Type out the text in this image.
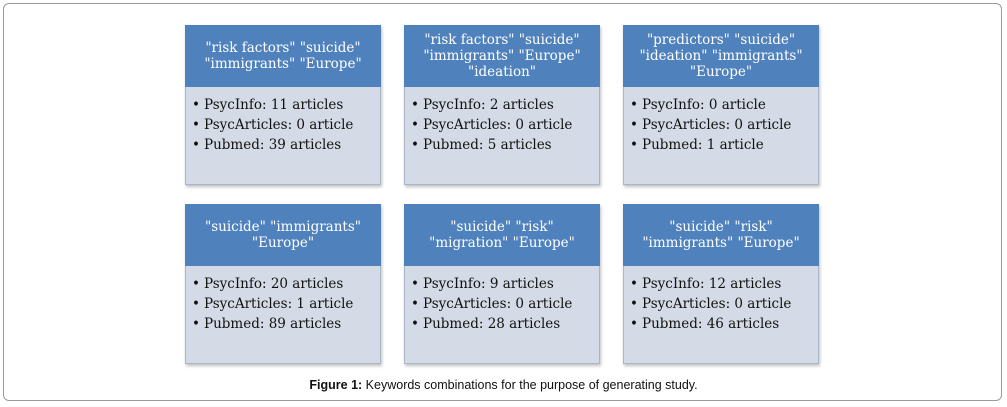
"risk factors" "suicide"
"immigrants" "Europe"
• PsycInfo: 11 articles
• PsycArticles: 0 article
• Pubmed: 39 articles
"risk factors" "suicide"
"immigrants" "Europe"
"ideation"
• PsycInfo: 2 articles
• PsycArticles: 0 article
• Pubmed: 5 articles
"predictors" "suicide"
"ideation" "immigrants"
"Europe"
• PsycInfo: 0 article
• PsycArticles: 0 article
• Pubmed: 1 article
"suicide" "immigrants"
"Europe"
• PsycInfo: 20 articles
• PsycArticles: 1 article
• Pubmed: 89 articles
"suicide" "risk"
"migration" "Europe"
• PsycInfo: 9 articles
• PsycArticles: 0 article
• Pubmed: 28 articles
"suicide" "risk"
"immigrants" "Europe"
• PsycInfo: 12 articles
• PsycArticles: 0 article
• Pubmed: 46 articles
Figure 1: Keywords combinations for the purpose of generating study.
